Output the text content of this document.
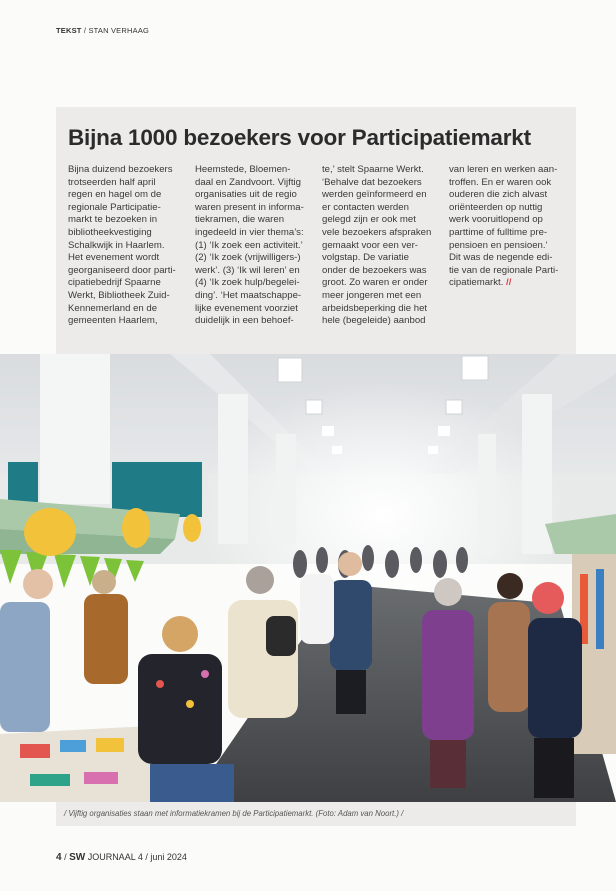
TEKST / STAN VERHAAG
Bijna 1000 bezoekers voor Participatiemarkt

Bijna duizend bezoekers trotseerden half april regen en hagel om de regionale Participatie-markt te bezoeken in bibliotheekvestiging Schalkwijk in Haarlem. Het evenement wordt georganiseerd door parti-cipatiebedrijf Spaarne Werkt, Bibliotheek Zuid-Kennemerland en de gemeenten Haarlem,

Heemstede, Bloemen-daal en Zandvoort. Vijftig organisaties uit de regio waren present in informa-tiekramen, die waren ingedeeld in vier thema’s: (1) ‘Ik zoek een activiteit.’ (2) ‘Ik zoek (vrijwilligers-) werk’. (3) ‘Ik wil leren’ en (4) ‘Ik zoek hulp/begelei-ding’. ‘Het maatschappe-lijke evenement voorziet duidelijk in een behoef-

te,’ stelt Spaarne Werkt. ‘Behalve dat bezoekers werden geïnformeerd en er contacten werden gelegd zijn er ook met vele bezoekers afspraken gemaakt voor een ver-volgstap. De variatie onder de bezoekers was groot. Zo waren er onder meer jongeren met een arbeidsbeperking die het hele (begeleide) aanbod

van leren en werken aan-troffen. En er waren ook ouderen die zich alvast oriënteerden op nuttig werk vooruitlopend op parttime of fulltime pre-pensioen en pensioen.’ Dit was de negende edi-tie van de regionale Parti-cipatiemarkt. //

/ Vijftig organisaties staan met informatiekramen bij de Participatiemarkt. (Foto: Adam van Noort.) /
4 / SW JOURNAAL 4 / juni 2024
